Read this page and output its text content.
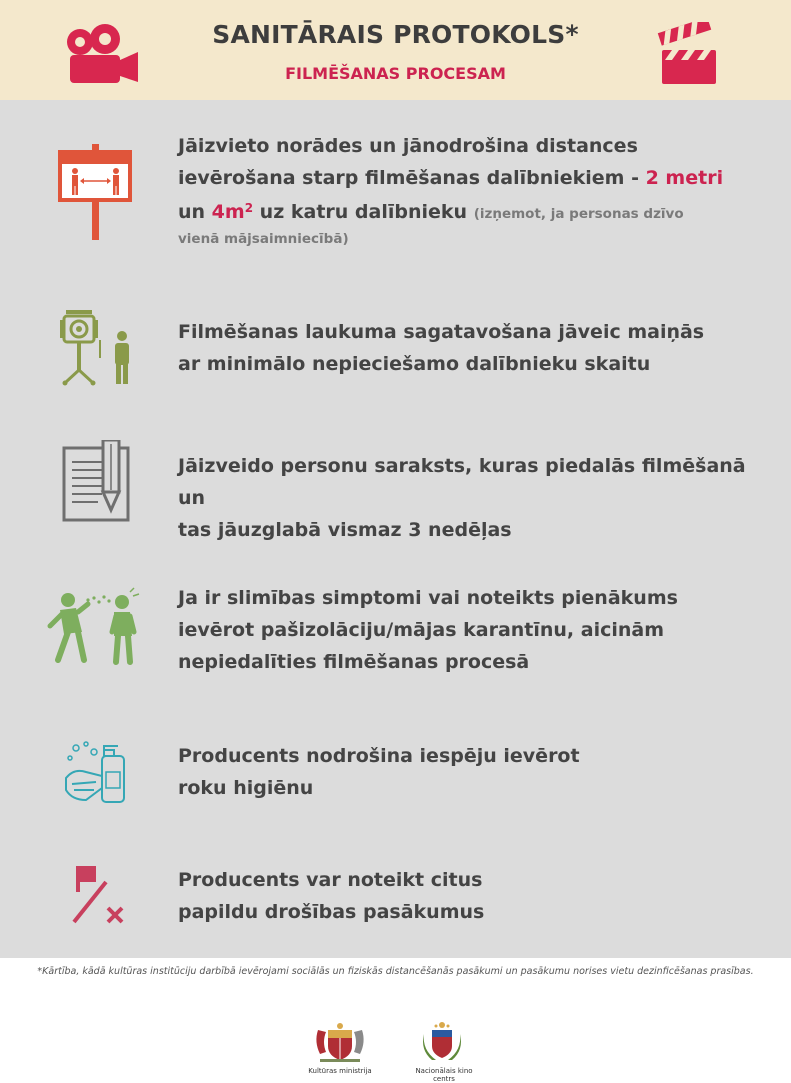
SANITĀRAIS PROTOKOLS*
FILMĒŠANAS PROCESAM
Jāizvieto norādes un jānodrošina distances
ievērošana starp filmēšanas dalībniekiem - 2 metri
un $4m^2$ uz katru dalībnieku (izņemot, ja personas dzīvo
vienā mājsaimniecībā)
Filmēšanas laukuma sagatavošana jāveic maiņās
ar minimālo nepieciešamo dalībnieku skaitu
Jāizveido personu saraksts, kuras piedalās filmēšanā un
tas jāuzglabā vismaz 3 nedēļas
Ja ir slimības simptomi vai noteikts pienākums
ievērot pašizolāciju/mājas karantīnu, aicinām
nepiedalīties filmēšanas procesā
Producents nodrošina iespēju ievērot
roku higiēnu
Producents var noteikt citus
papildu drošības pasākumus
*Kārtība, kādā kultūras institūciju darbībā ievērojami sociālās un fiziskās distancēšanās pasākumi un pasākumu norises vietu dezinficēšanas prasības.
Kultūras ministrija	Nacionālais kino centrs
